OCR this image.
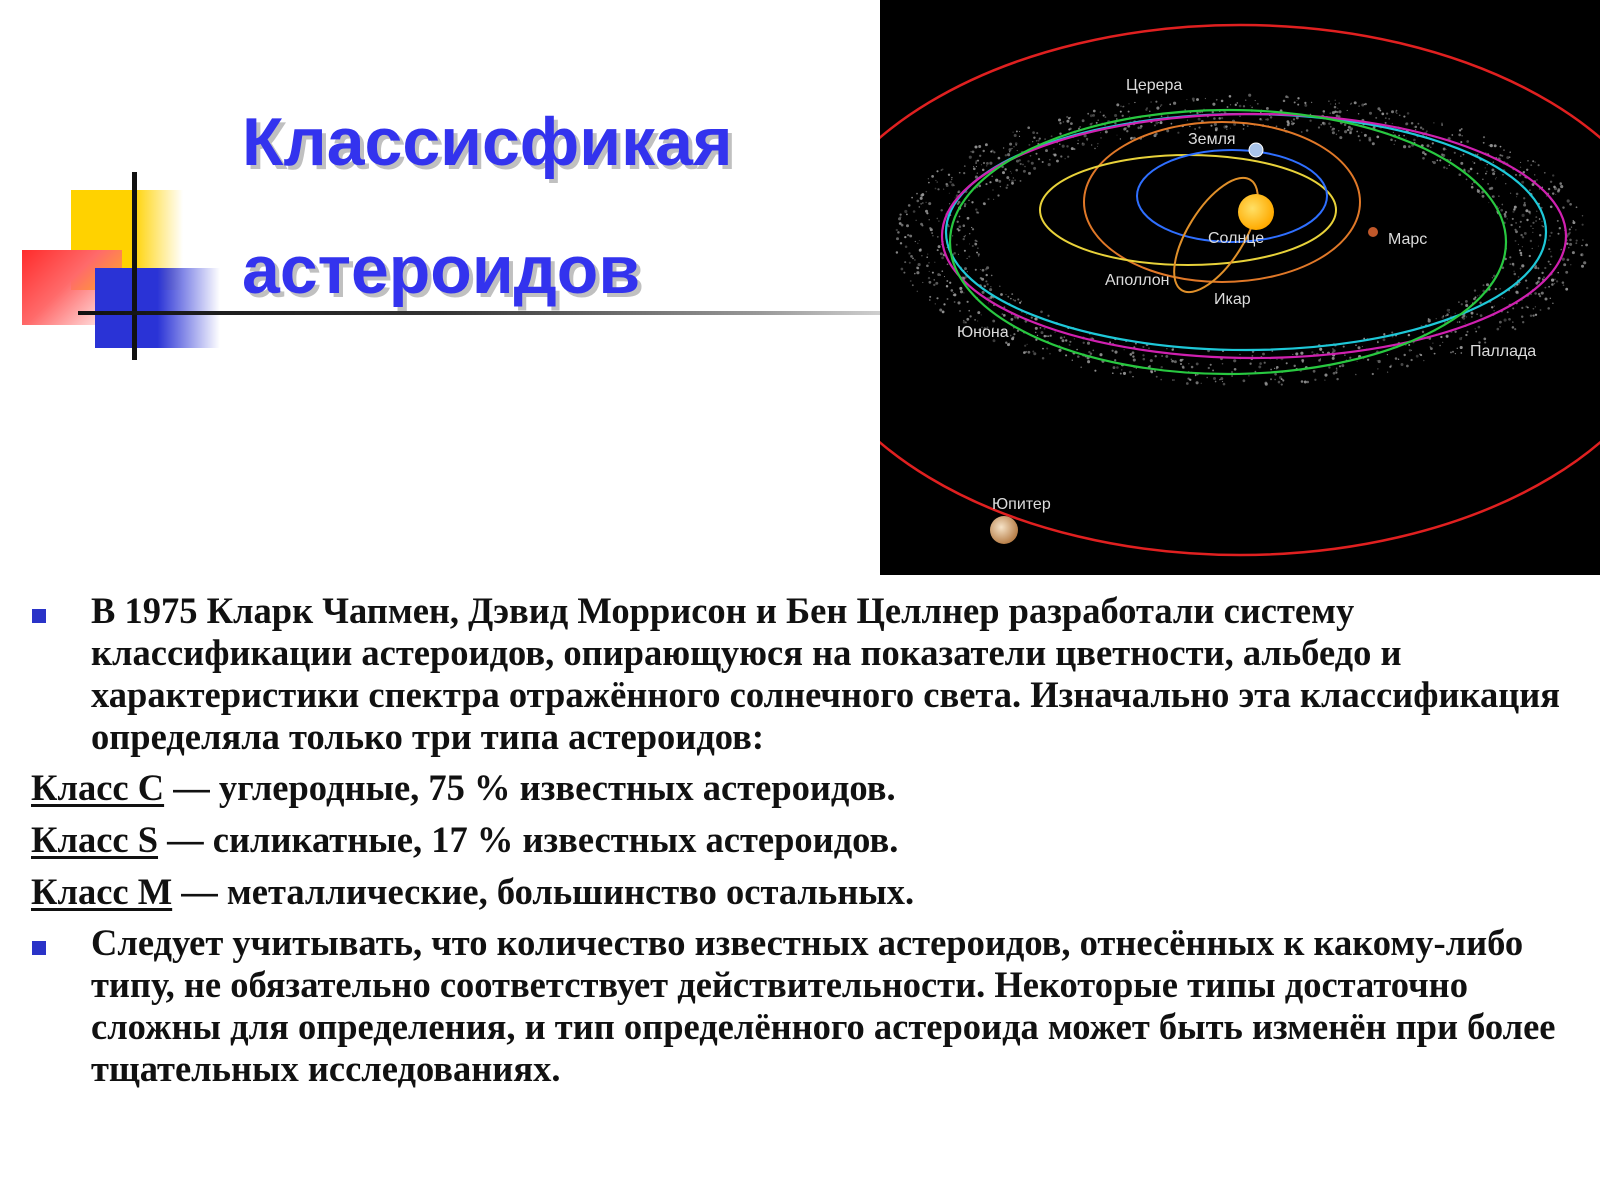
Классисфикая
астероидов
Церера
Земля
Солнце	Марс
Аполлон
Икар
Юнона
Паллада
Юпитер

В 1975 Кларк Чапмен, Дэвид Моррисон и Бен Целлнер разработали систему классификации астероидов, опирающуюся на показатели цветности, альбедо и характеристики спектра отражённого солнечного света. Изначально эта классификация определяла только три типа астероидов:

Класс C — углеродные, 75 % известных астероидов.
Класс S — силикатные, 17 % известных астероидов.
Класс M — металлические, большинство остальных.

Следует учитывать, что количество известных астероидов, отнесённых к какому-либо типу, не обязательно соответствует действительности. Некоторые типы достаточно сложны для определения, и тип определённого астероида может быть изменён при более тщательных исследованиях.
